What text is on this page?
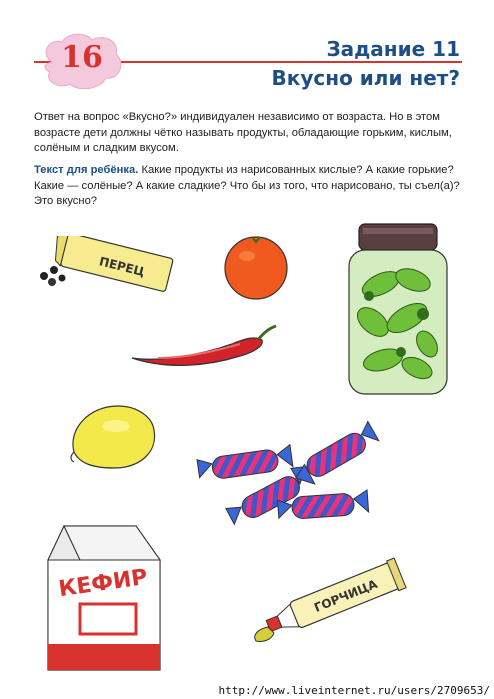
16	Задание 11
Вкусно или нет?
Ответ на вопрос «Вкусно?» индивидуален независимо от возраста. Но в этом возрасте дети должны чётко называть продукты, обладающие горьким, кислым, солёным и сладким вкусом.
Текст для ребёнка. Какие продукты из нарисованных кислые? А какие горькие? Какие — солёные? А какие сладкие? Что бы из того, что нарисовано, ты съел(а)? Это вкусно?
ПЕРЕЦ
КЕФИР	ГОРЧИЦА
http://www.liveinternet.ru/users/2709653/
